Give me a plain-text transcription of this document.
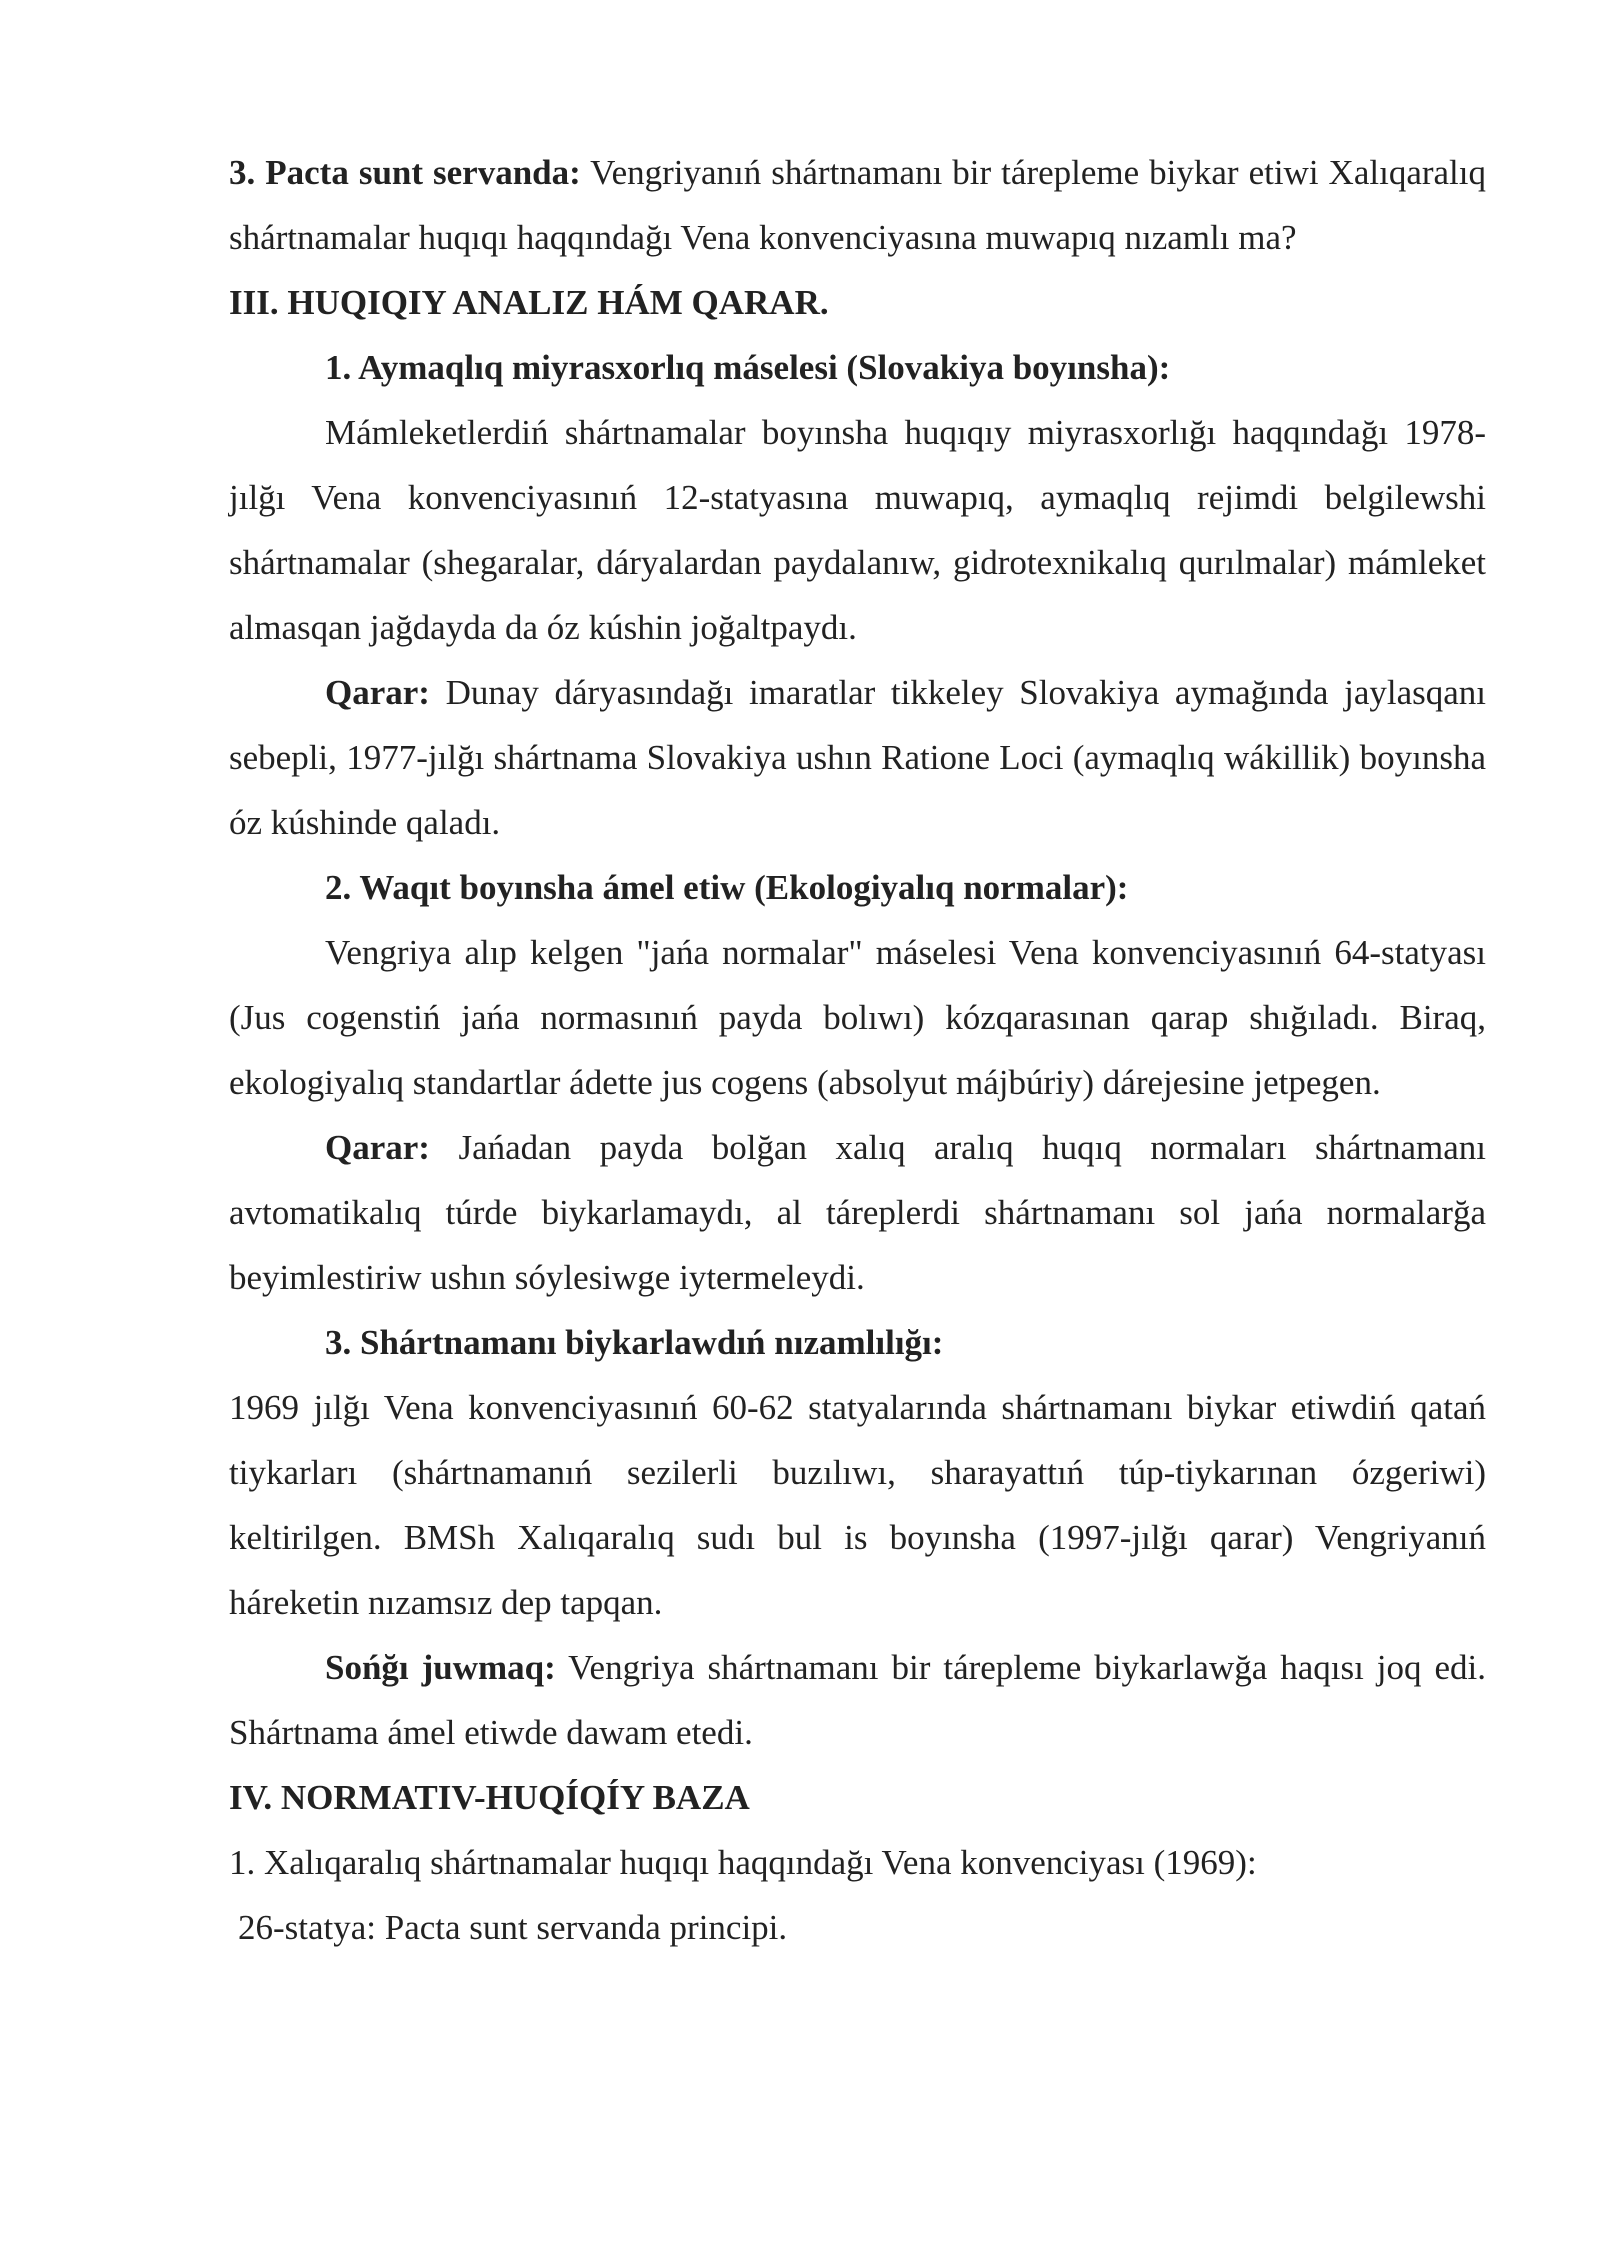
3. Pacta sunt servanda: Vengriyanıń shártnamanı bir tárepleme biykar etiwi Xalıqaralıq shártnamalar huqıqı haqqındağı Vena konvenciyasına muwapıq nızamlı ma?

III. HUQIQIY ANALIZ HÁM QARAR.

1. Aymaqlıq miyrasxorlıq máselesi (Slovakiya boyınsha):

Mámleketlerdiń shártnamalar boyınsha huqıqıy miyrasxorlığı haqqındağı 1978-jılğı Vena konvenciyasınıń 12-statyasına muwapıq, aymaqlıq rejimdi belgilewshi shártnamalar (shegaralar, dáryalardan paydalanıw, gidrotexnikalıq qurılmalar) mámleket almasqan jağdayda da óz kúshin joğaltpaydı.

Qarar: Dunay dáryasındağı imaratlar tikkeley Slovakiya aymağında jaylasqanı sebepli, 1977-jılğı shártnama Slovakiya ushın Ratione Loci (aymaqlıq wákillik) boyınsha óz kúshinde qaladı.

2. Waqıt boyınsha ámel etiw (Ekologiyalıq normalar):

Vengriya alıp kelgen "jańa normalar" máselesi Vena konvenciyasınıń 64-statyası (Jus cogenstiń jańa normasınıń payda bolıwı) kózqarasınan qarap shığıladı. Biraq, ekologiyalıq standartlar ádette jus cogens (absolyut májbúriy) dárejesine jetpegen.

Qarar: Jańadan payda bolğan xalıq aralıq huqıq normaları shártnamanı avtomatikalıq túrde biykarlamaydı, al táreplerdi shártnamanı sol jańa normalarğa beyimlestiriw ushın sóylesiwge iytermeleydi.

3. Shártnamanı biykarlawdıń nızamlılığı:

1969 jılğı Vena konvenciyasınıń 60-62 statyalarında shártnamanı biykar etiwdiń qatań tiykarları (shártnamanıń sezilerli buzılıwı, sharayattıń túp-tiykarınan ózgeriwi) keltirilgen. BMSh Xalıqaralıq sudı bul is boyınsha (1997-jılğı qarar) Vengriyanıń háreketin nızamsız dep tapqan.

Sońğı juwmaq: Vengriya shártnamanı bir tárepleme biykarlawğa haqısı joq edi. Shártnama ámel etiwde dawam etedi.

IV. NORMATIV-HUQÍQÍY BAZA

1. Xalıqaralıq shártnamalar huqıqı haqqındağı Vena konvenciyası (1969):

26-statya: Pacta sunt servanda principi.
